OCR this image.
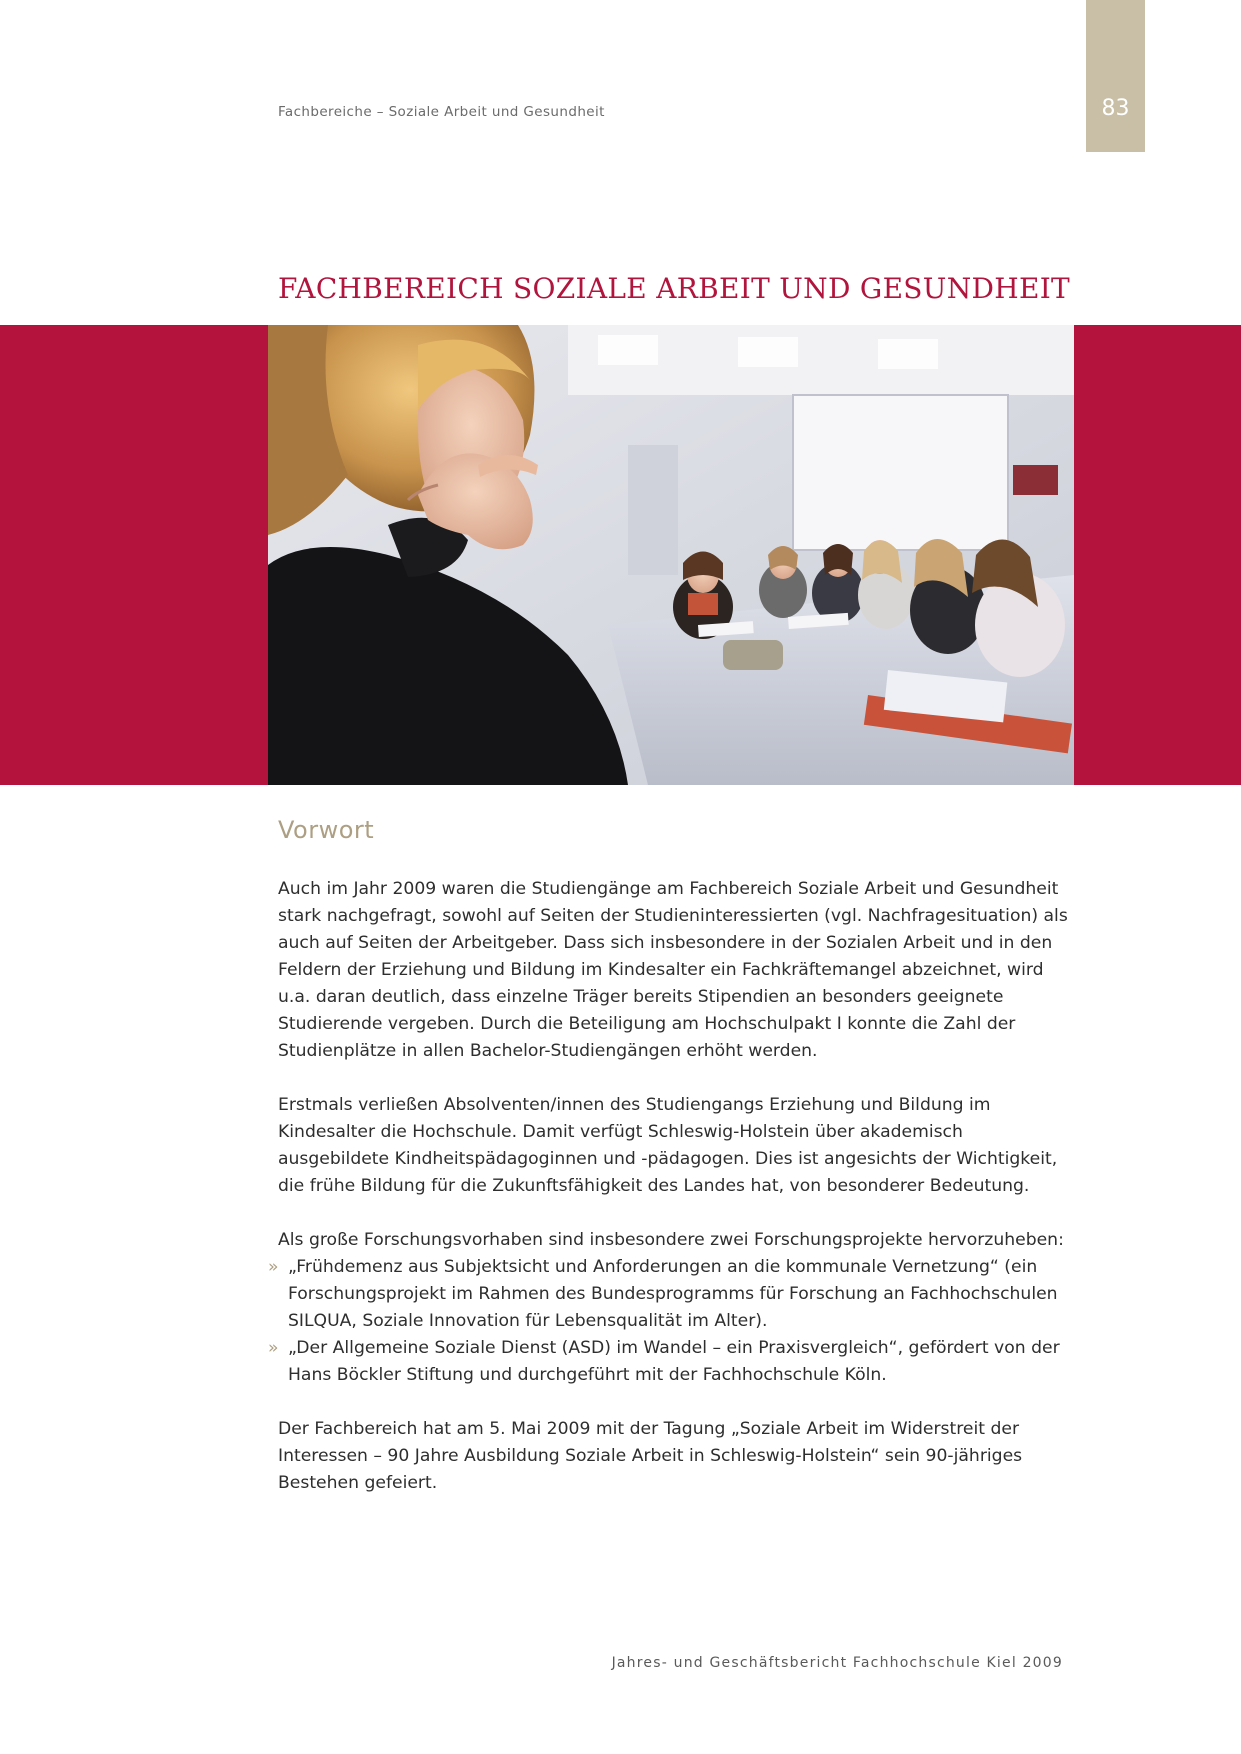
83
Fachbereiche – Soziale Arbeit und Gesundheit
FACHBEREICH SOZIALE ARBEIT UND GESUNDHEIT
Vorwort

Auch im Jahr 2009 waren die Studiengänge am Fachbereich Soziale Arbeit und Gesundheit stark nachgefragt, sowohl auf Seiten der Studieninteressierten (vgl. Nachfragesituation) als auch auf Seiten der Arbeitgeber. Dass sich insbesondere in der Sozialen Arbeit und in den Feldern der Erziehung und Bildung im Kindesalter ein Fachkräftemangel abzeichnet, wird u.a. daran deutlich, dass einzelne Träger bereits Stipendien an besonders geeignete Studierende vergeben. Durch die Beteiligung am Hochschulpakt I konnte die Zahl der Studienplätze in allen Bachelor-Studiengängen erhöht werden.

Erstmals verließen Absolventen/innen des Studiengangs Erziehung und Bildung im Kindesalter die Hochschule. Damit verfügt Schleswig-Holstein über akademisch ausgebildete Kindheitspädagoginnen und -pädagogen. Dies ist angesichts der Wichtigkeit, die frühe Bildung für die Zukunftsfähigkeit des Landes hat, von besonderer Bedeutung.

Als große Forschungsvorhaben sind insbesondere zwei Forschungsprojekte hervorzuheben:

» „Frühdemenz aus Subjektsicht und Anforderungen an die kommunale Vernetzung“ (ein Forschungsprojekt im Rahmen des Bundesprogramms für Forschung an Fachhochschulen SILQUA, Soziale Innovation für Lebensqualität im Alter).
» „Der Allgemeine Soziale Dienst (ASD) im Wandel – ein Praxisvergleich“, gefördert von der Hans Böckler Stiftung und durchgeführt mit der Fachhochschule Köln.

Der Fachbereich hat am 5. Mai 2009 mit der Tagung „Soziale Arbeit im Widerstreit der Interessen – 90 Jahre Ausbildung Soziale Arbeit in Schleswig-Holstein“ sein 90-jähriges Bestehen gefeiert.

Jahres- und Geschäftsbericht Fachhochschule Kiel 2009
